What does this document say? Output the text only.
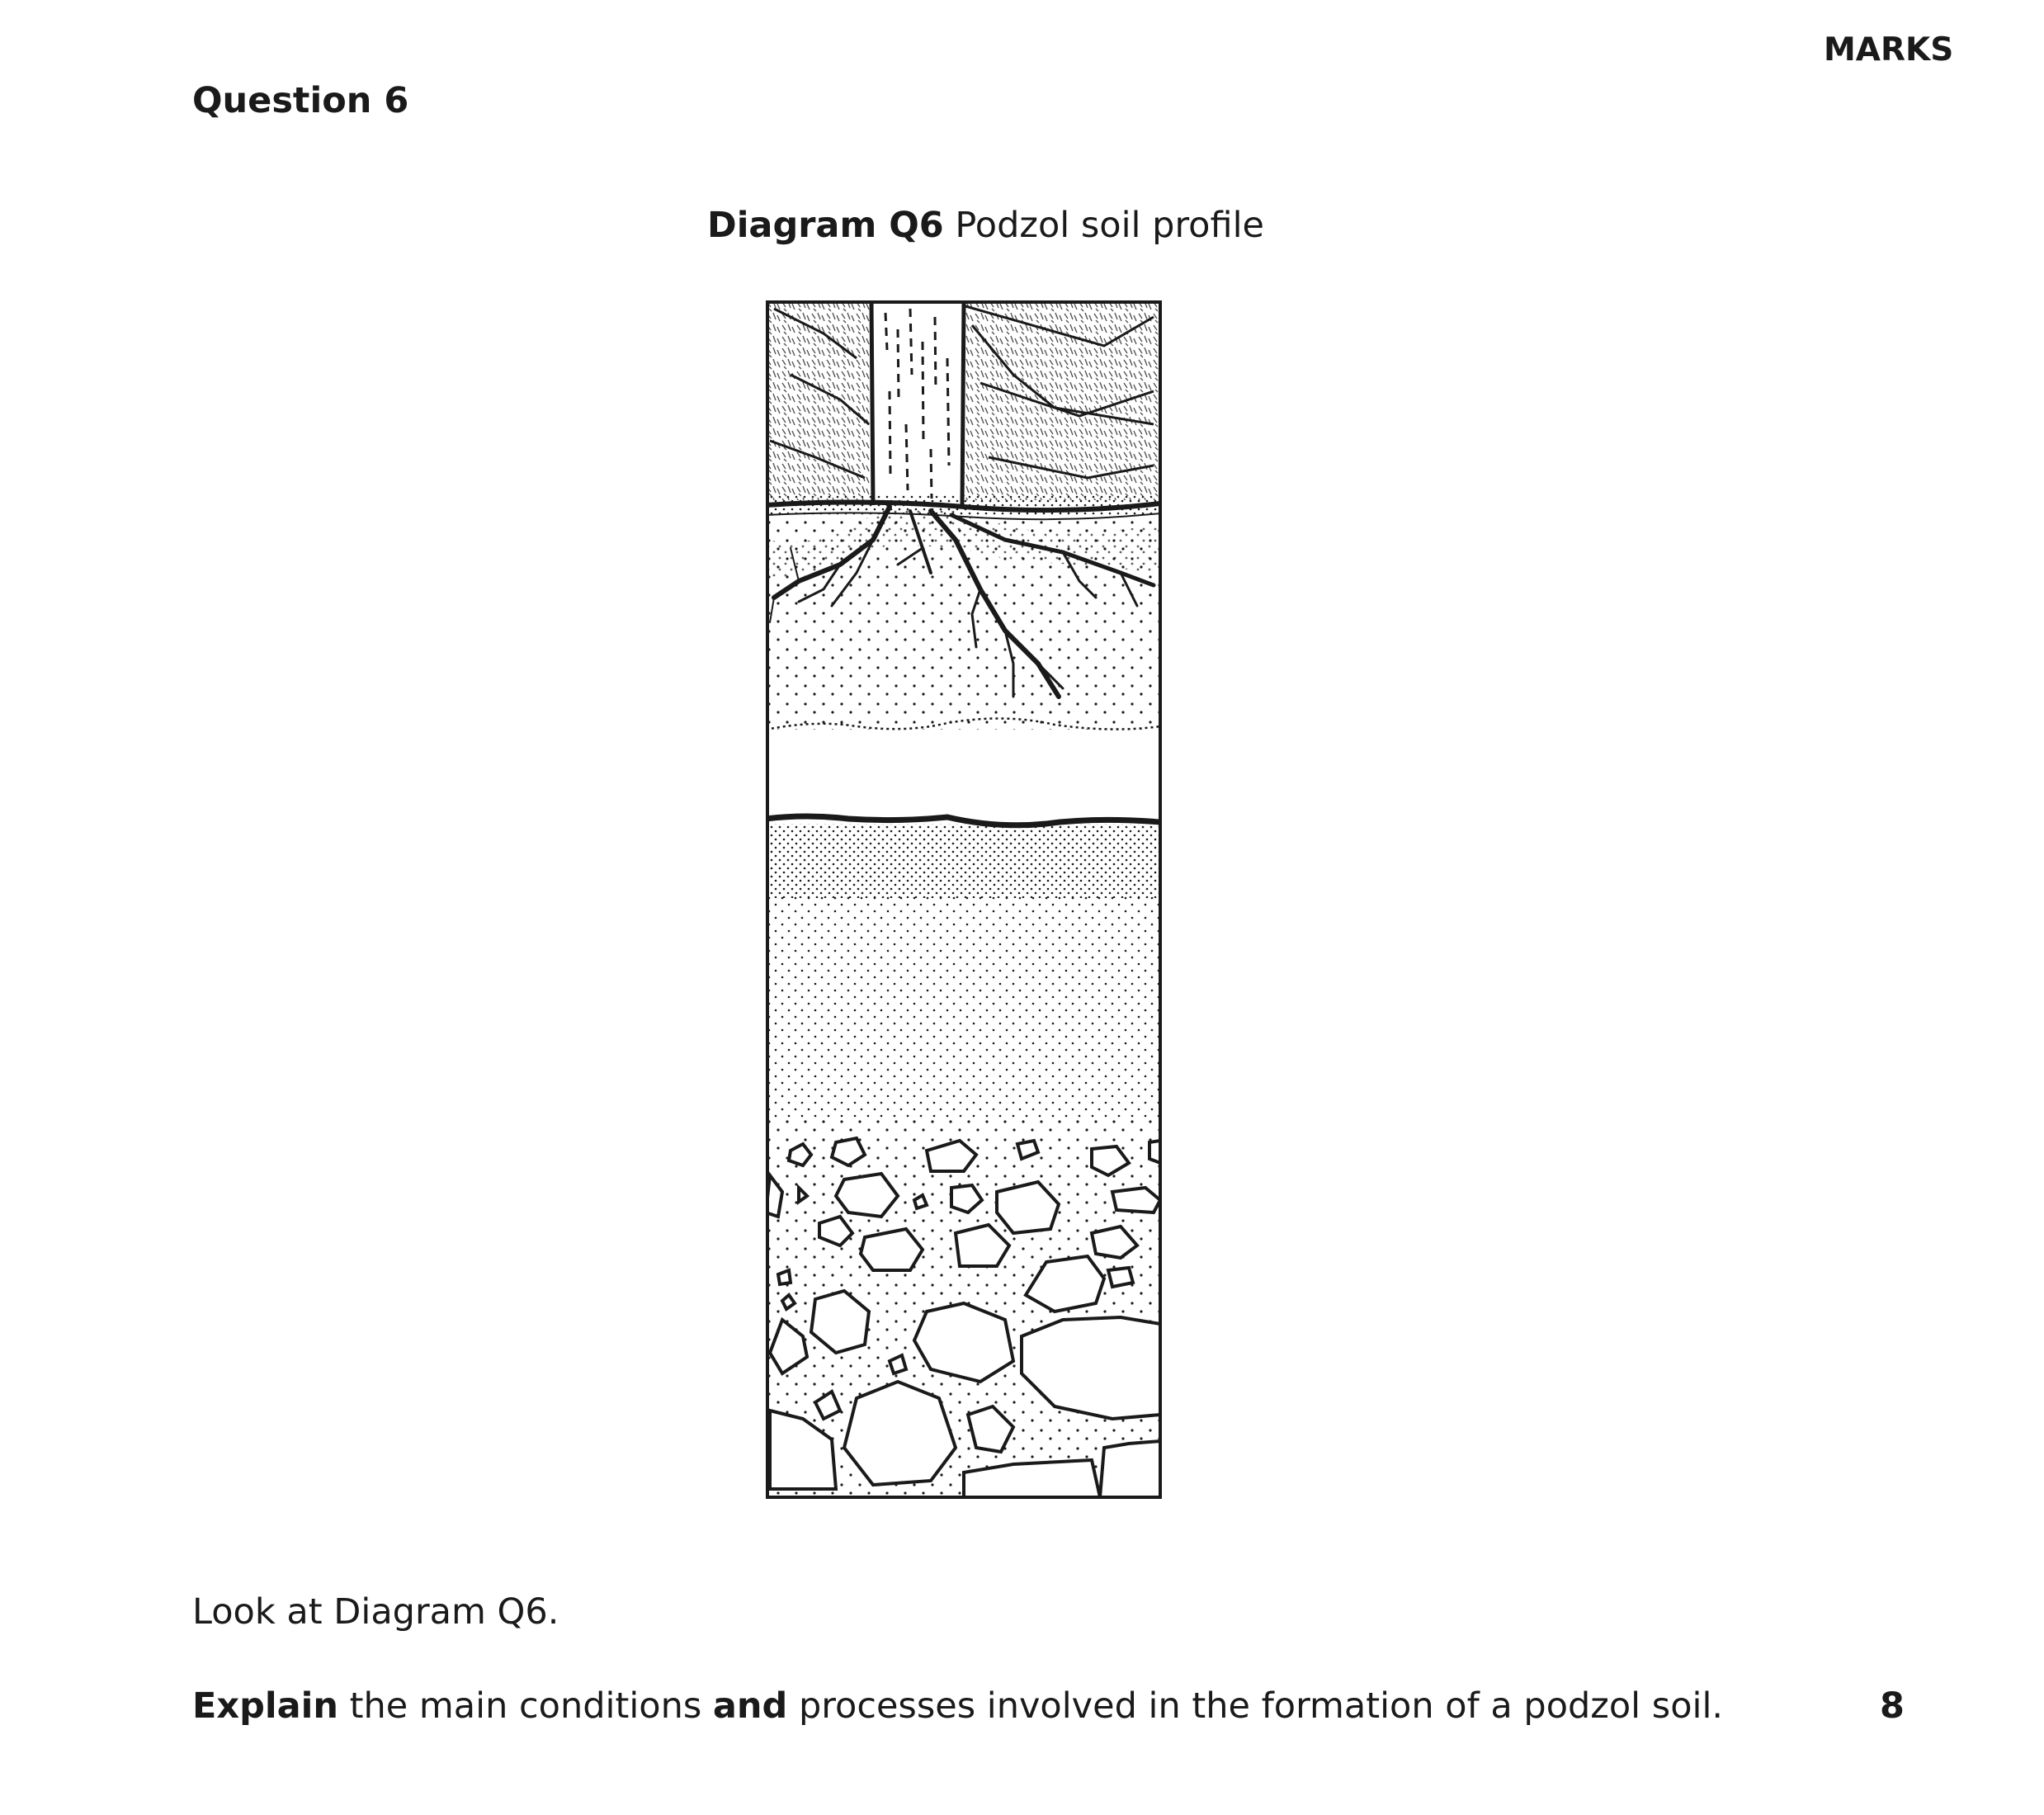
MARKS
Question 6
Diagram Q6 Podzol soil profile
Look at Diagram Q6.
Explain the main conditions and processes involved in the formation of a podzol soil.	8
